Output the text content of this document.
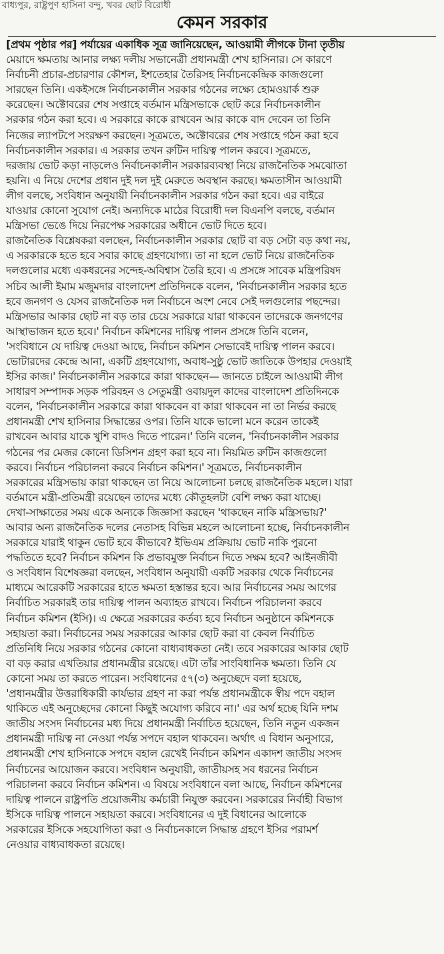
বাধ্যপুর, রাষ্ট্রপুণ হাসিনা বন্দু, খবর ছোট বিরোধী
কেমন সরকার
[প্রথম পৃষ্ঠার পর] পর্যায়ের একাধিক সূত্র জানিয়েছেন, আওয়ামী লীগকে টানা তৃতীয়
মেয়াদে ক্ষমতায় আনার লক্ষ্য দলীয় সভানেত্রী প্রধানমন্ত্রী শেখ হাসিনার। সে কারণে
নির্বাচনী প্রচার-প্রচারণার কৌশল, ইশতেহার তৈরিসহ নির্বাচনকেন্দ্রিক কাজগুলো
সারছেন তিনি। একইসঙ্গে নির্বাচনকালীন সরকার গঠনের লক্ষ্যে হোমওয়ার্ক শুরু
করেছেন। অক্টোবরের শেষ সপ্তাহে বর্তমান মন্ত্রিসভাকে ছোট করে নির্বাচনকালীন
সরকার গঠন করা হবে। এ সরকারে কাকে রাখবেন আর কাকে বাদ দেবেন তা তিনি
নিজের ল্যাপটপে সংরক্ষণ করছেন। সূত্রমতে, অক্টোবরের শেষ সপ্তাহে গঠন করা হবে
নির্বাচনকালীন সরকার। এ সরকার তখন রুটিন দায়িত্ব পালন করবে। সূত্রমতে,
দরজায় ভোট কড়া নাড়লেও নির্বাচনকালীন সরকারব্যবস্থা নিয়ে রাজনৈতিক সমঝোতা
হয়নি। এ নিয়ে দেশের প্রধান দুই দল দুই মেরুতে অবস্থান করছে। ক্ষমতাসীন আওয়ামী
লীগ বলছে, সংবিধান অনুযায়ী নির্বাচনকালীন সরকার গঠন করা হবে। এর বাইরে
যাওয়ার কোনো সুযোগ নেই। অন্যদিকে মাঠের বিরোধী দল বিএনপি বলছে, বর্তমান
মন্ত্রিসভা ভেঙে দিয়ে নিরপেক্ষ সরকারের অধীনে ভোট দিতে হবে।
রাজনৈতিক বিশ্লেষকরা বলছেন, নির্বাচনকালীন সরকার ছোট বা বড় সেটা বড় কথা নয়,
এ সরকারকে হতে হবে সবার কাছে গ্রহণযোগ্য। তা না হলে ভোট নিয়ে রাজনৈতিক
দলগুলোর মধ্যে একধরনের সন্দেহ-অবিশ্বাস তৈরি হবে। এ প্রসঙ্গে সাবেক মন্ত্রিপরিষদ
সচিব আলী ইমাম মজুমদার বাংলাদেশ প্রতিদিনকে বলেন, 'নির্বাচনকালীন সরকার হতে
হবে জনগণ ও যেসব রাজনৈতিক দল নির্বাচনে অংশ নেবে সেই দলগুলোর পছন্দের।
মন্ত্রিসভার আকার ছোট না বড় তার চেয়ে সরকারে যারা থাকবেন তাদেরকে জনগণের
আস্থাভাজন হতে হবে।' নির্বাচন কমিশনের দায়িত্ব পালন প্রসঙ্গে তিনি বলেন,
'সংবিধানে যে দায়িত্ব দেওয়া আছে, নির্বাচন কমিশন সেভাবেই দায়িত্ব পালন করবে।
ভোটারদের কেন্দ্রে আনা, একটি গ্রহণযোগ্য, অবাধ-সুষ্ঠু ভোট জাতিকে উপহার দেওয়াই
ইসির কাজ।' নির্বাচনকালীন সরকারে কারা থাকছেন— জানতে চাইলে আওয়ামী লীগ
সাধারণ সম্পাদক সড়ক পরিবহন ও সেতুমন্ত্রী ওবায়দুল কাদের বাংলাদেশ প্রতিদিনকে
বলেন, 'নির্বাচনকালীন সরকারে কারা থাকবেন বা কারা থাকবেন না তা নির্ভর করছে
প্রধানমন্ত্রী শেখ হাসিনার সিদ্ধান্তের ওপর। তিনি যাকে ভালো মনে করেন তাকেই
রাখবেন আবার যাকে খুশি বাদও দিতে পারেন।' তিনি বলেন, 'নির্বাচনকালীন সরকার
গঠনের পর মেজর কোনো ডিসিশন গ্রহণ করা হবে না। নিয়মিত রুটিন কাজগুলো
করবে। নির্বাচন পরিচালনা করবে নির্বাচন কমিশন।' সূত্রমতে, নির্বাচনকালীন
সরকারের মন্ত্রিসভায় কারা থাকছেন তা নিয়ে আলোচনা চলছে রাজনৈতিক মহলে। যারা
বর্তমানে মন্ত্রী-প্রতিমন্ত্রী রয়েছেন তাদের মধ্যে কৌতূহলটা বেশি লক্ষ্য করা যাচ্ছে।
দেখা-সাক্ষাতের সময় একে অন্যকে জিজ্ঞাসা করছেন 'থাকছেন নাকি মন্ত্রিসভায়?'
আবার অন্য রাজনৈতিক দলের নেতাসহ বিভিন্ন মহলে আলোচনা হচ্ছে, নির্বাচনকালীন
সরকারে যারাই থাকুন ভোট হবে কীভাবে? ইভিএম প্রক্রিয়ায় ভোট নাকি পুরনো
পদ্ধতিতে হবে? নির্বাচন কমিশন কি প্রভাবমুক্ত নির্বাচন দিতে সক্ষম হবে? আইনজীবী
ও সংবিধান বিশেষজ্ঞরা বলছেন, সংবিধান অনুযায়ী একটি সরকার থেকে নির্বাচনের
মাধ্যমে আরেকটি সরকারের হাতে ক্ষমতা হস্তান্তর হবে। আর নির্বাচনের সময় আগের
নির্বাচিত সরকারই তার দায়িত্ব পালন অব্যাহত রাখবে। নির্বাচন পরিচালনা করবে
নির্বাচন কমিশন (ইসি)। এ ক্ষেত্রে সরকারের কর্তব্য হবে নির্বাচন অনুষ্ঠানে কমিশনকে
সহায়তা করা। নির্বাচনের সময় সরকারের আকার ছোট করা বা কেবল নির্বাচিত
প্রতিনিধি নিয়ে সরকার গঠনের কোনো বাধ্যবাধকতা নেই। তবে সরকারের আকার ছোট
বা বড় করার এখতিয়ার প্রধানমন্ত্রীর রয়েছে। এটা তাঁর সাংবিধানিক ক্ষমতা। তিনি যে
কোনো সময় তা করতে পারেন। সংবিধানের ৫৭(৩) অনুচ্ছেদে বলা হয়েছে,
'প্রধানমন্ত্রীর উত্তরাধিকারী কার্যভার গ্রহণ না করা পর্যন্ত প্রধানমন্ত্রীকে স্বীয় পদে বহাল
থাকিতে এই অনুচ্ছেদের কোনো কিছুই অযোগ্য করিবে না।' এর অর্থ হচ্ছে যিনি দশম
জাতীয় সংসদ নির্বাচনের মধ্য দিয়ে প্রধানমন্ত্রী নির্বাচিত হয়েছেন, তিনি নতুন একজন
প্রধানমন্ত্রী দায়িত্ব না নেওয়া পর্যন্ত সপদে বহাল থাকবেন। অর্থাৎ এ বিধান অনুসারে,
প্রধানমন্ত্রী শেখ হাসিনাকে সপদে বহাল রেখেই নির্বাচন কমিশন একাদশ জাতীয় সংসদ
নির্বাচনের আয়োজন করবে। সংবিধান অনুযায়ী, জাতীয়সহ সব ধরনের নির্বাচন
পরিচালনা করবে নির্বাচন কমিশন। এ বিষয়ে সংবিধানে বলা আছে, নির্বাচন কমিশনের
দায়িত্ব পালনে রাষ্ট্রপতি প্রয়োজনীয় কর্মচারী নিযুক্ত করবেন। সরকারের নির্বাহী বিভাগ
ইসিকে দায়িত্ব পালনে সহায়তা করবে। সংবিধানের এ দুই বিধানের আলোকে
সরকারের ইসিকে সহযোগিতা করা ও নির্বাচনকালে সিদ্ধান্ত গ্রহণে ইসির পরামর্শ
নেওয়ার বাধ্যবাধকতা রয়েছে।
